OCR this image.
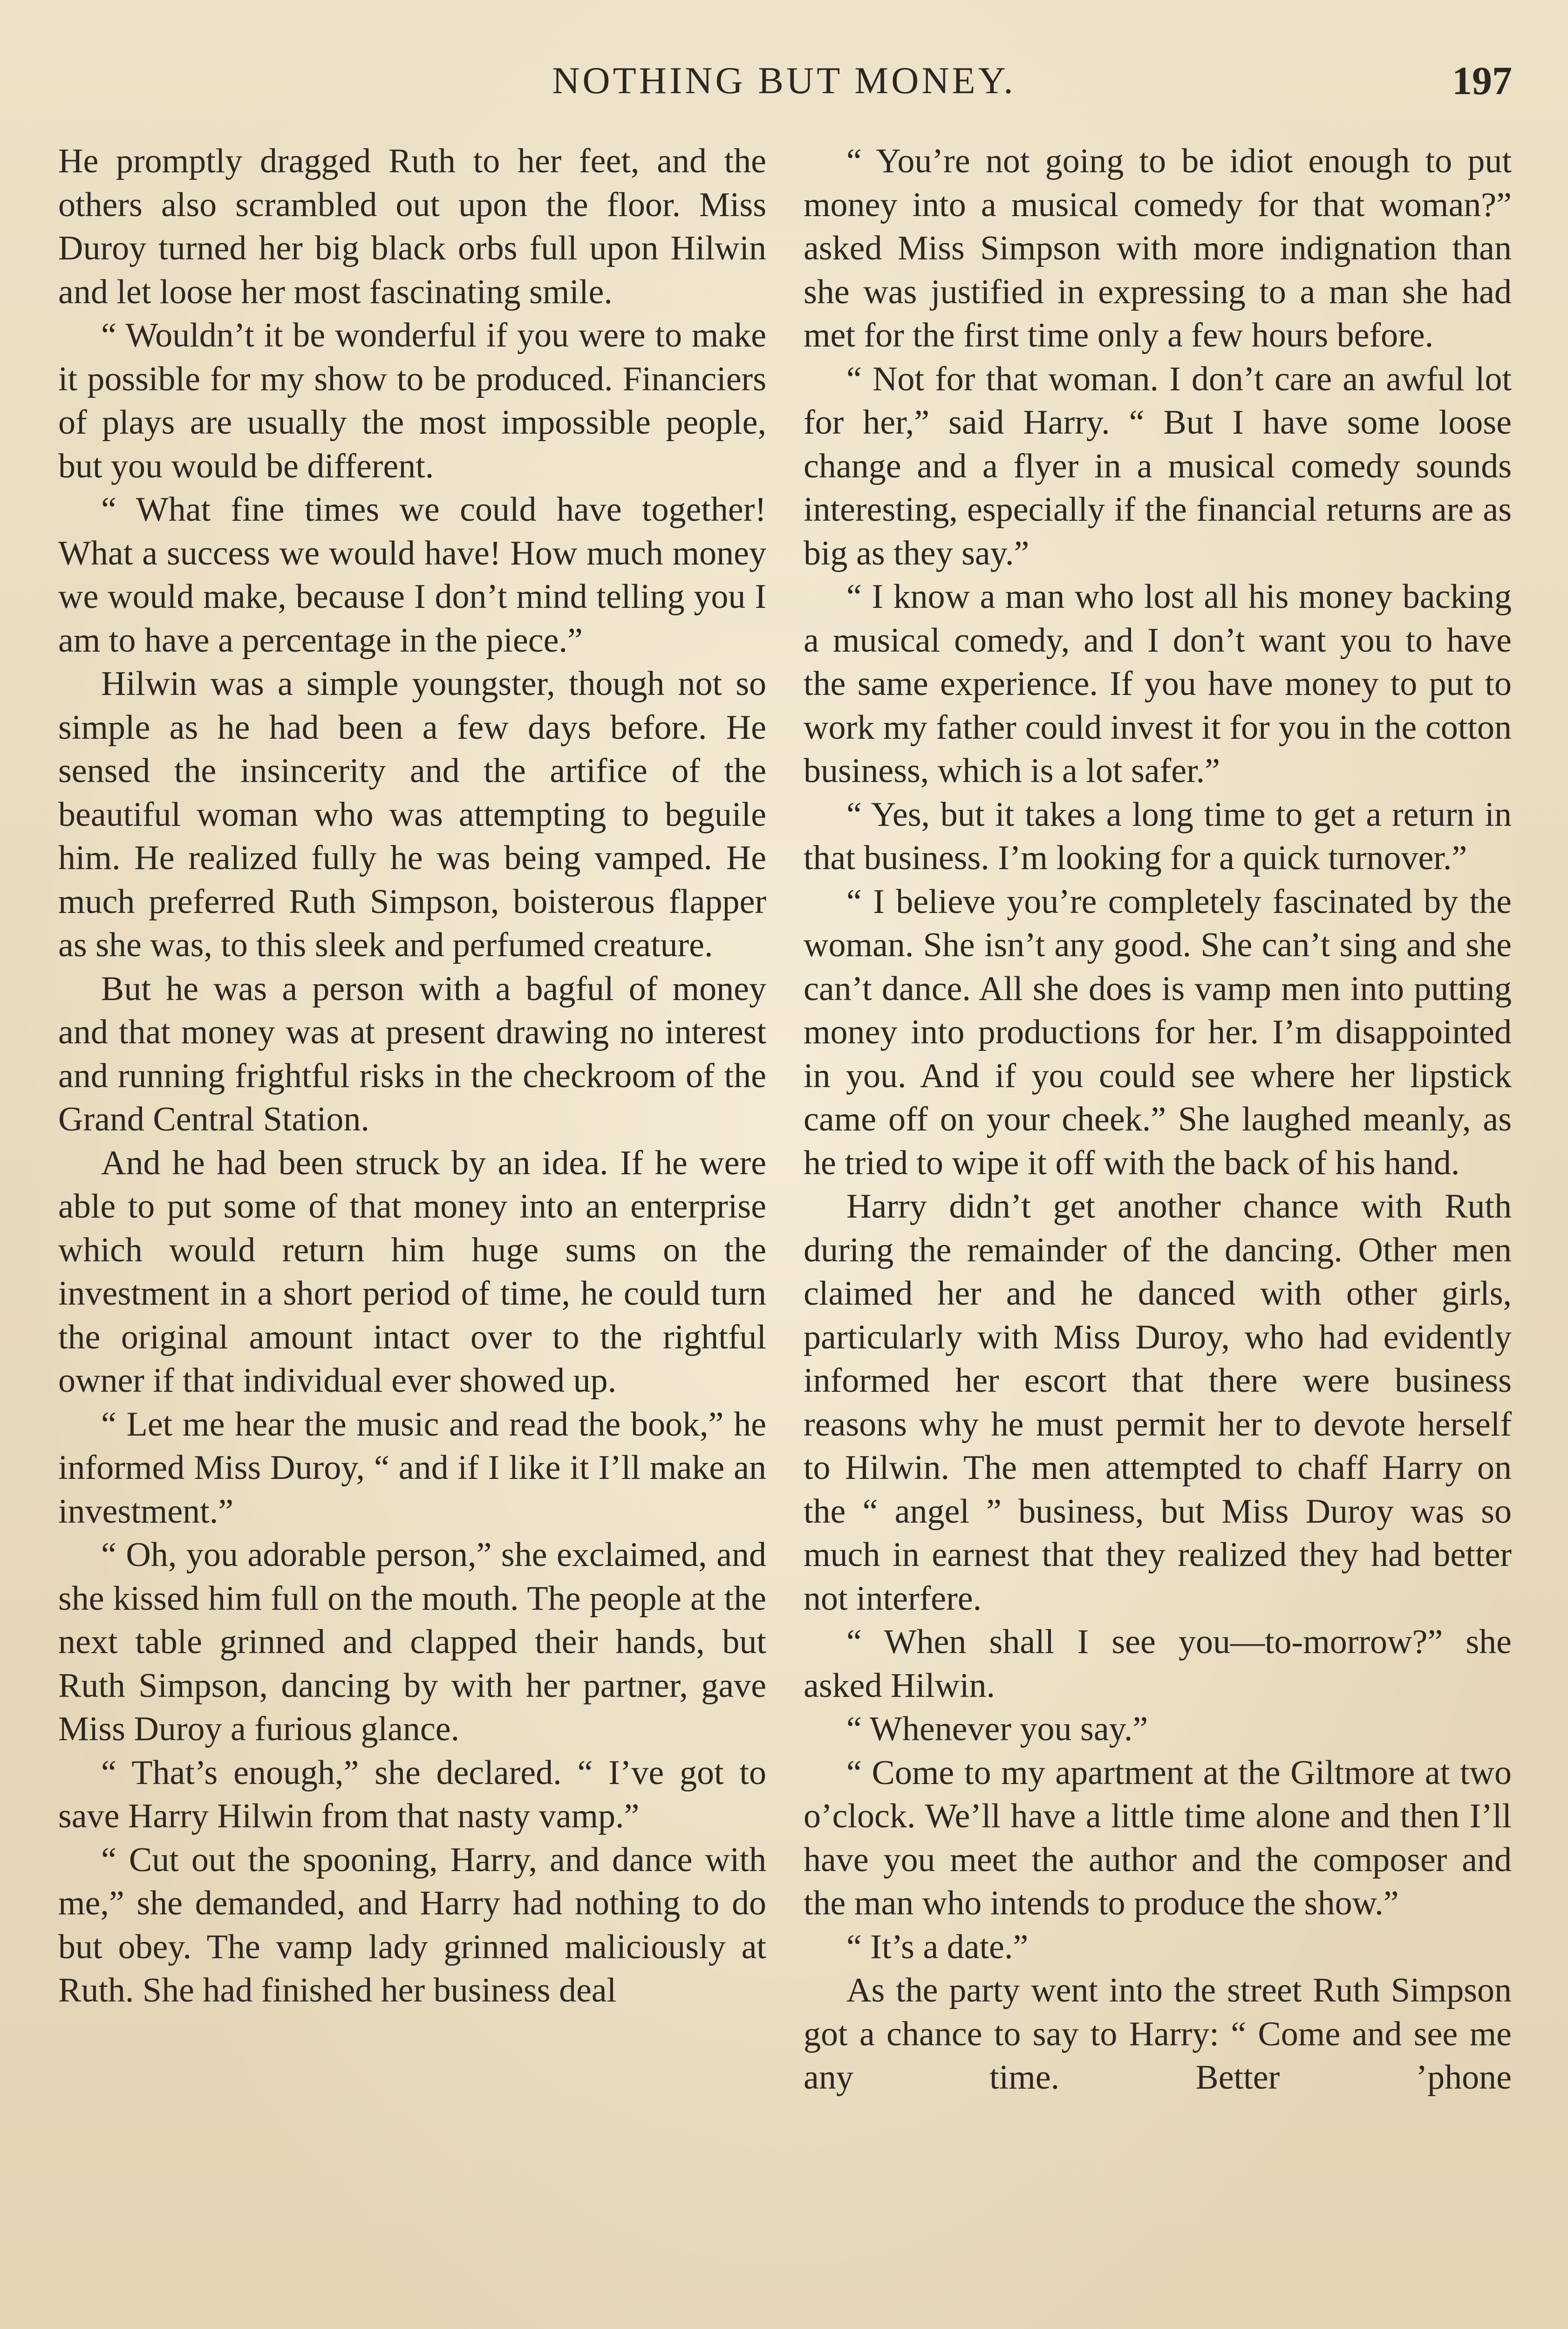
NOTHING BUT MONEY.	197

He promptly dragged Ruth to her feet, and the others also scrambled out upon the floor. Miss Duroy turned her big black orbs full upon Hilwin and let loose her most fascinating smile.

“ Wouldn’t it be wonderful if you were to make it possible for my show to be produced. Financiers of plays are usually the most impossible people, but you would be different.

“ What fine times we could have together! What a success we would have! How much money we would make, because I don’t mind telling you I am to have a percentage in the piece.”

Hilwin was a simple youngster, though not so simple as he had been a few days before. He sensed the insincerity and the artifice of the beautiful woman who was attempting to beguile him. He realized fully he was being vamped. He much preferred Ruth Simpson, boisterous flapper as she was, to this sleek and perfumed creature.

But he was a person with a bagful of money and that money was at present drawing no interest and running frightful risks in the checkroom of the Grand Central Station.

And he had been struck by an idea. If he were able to put some of that money into an enterprise which would return him huge sums on the investment in a short period of time, he could turn the original amount intact over to the rightful owner if that individual ever showed up.

“ Let me hear the music and read the book,” he informed Miss Duroy, “ and if I like it I’ll make an investment.”

“ Oh, you adorable person,” she exclaimed, and she kissed him full on the mouth. The people at the next table grinned and clapped their hands, but Ruth Simpson, dancing by with her partner, gave Miss Duroy a furious glance.

“ That’s enough,” she declared. “ I’ve got to save Harry Hilwin from that nasty vamp.”

“ Cut out the spooning, Harry, and dance with me,” she demanded, and Harry had nothing to do but obey. The vamp lady grinned maliciously at Ruth. She had finished her business deal

“ You’re not going to be idiot enough to put money into a musical comedy for that woman?” asked Miss Simpson with more indignation than she was justified in expressing to a man she had met for the first time only a few hours before.

“ Not for that woman. I don’t care an awful lot for her,” said Harry. “ But I have some loose change and a flyer in a musical comedy sounds interesting, especially if the financial returns are as big as they say.”

“ I know a man who lost all his money backing a musical comedy, and I don’t want you to have the same experience. If you have money to put to work my father could invest it for you in the cotton business, which is a lot safer.”

“ Yes, but it takes a long time to get a return in that business. I’m looking for a quick turnover.”

“ I believe you’re completely fascinated by the woman. She isn’t any good. She can’t sing and she can’t dance. All she does is vamp men into putting money into productions for her. I’m disappointed in you. And if you could see where her lipstick came off on your cheek.” She laughed meanly, as he tried to wipe it off with the back of his hand.

Harry didn’t get another chance with Ruth during the remainder of the dancing. Other men claimed her and he danced with other girls, particularly with Miss Duroy, who had evidently informed her escort that there were business reasons why he must permit her to devote herself to Hilwin. The men attempted to chaff Harry on the “ angel ” business, but Miss Duroy was so much in earnest that they realized they had better not interfere.

“ When shall I see you—to-morrow?” she asked Hilwin.

“ Whenever you say.”

“ Come to my apartment at the Giltmore at two o’clock. We’ll have a little time alone and then I’ll have you meet the author and the composer and the man who intends to produce the show.”

“ It’s a date.”

As the party went into the street Ruth Simpson got a chance to say to Harry: “ Come and see me any time. Better ’phone
